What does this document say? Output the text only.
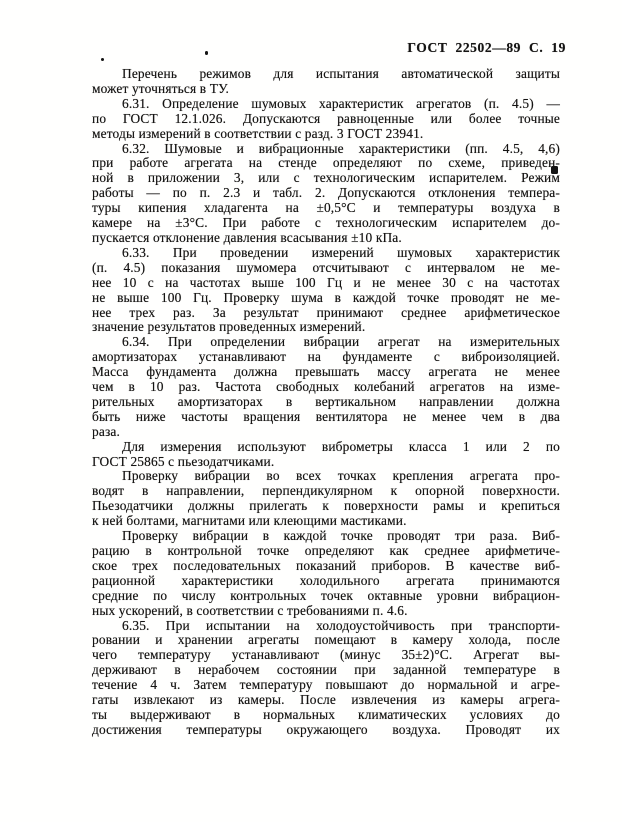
ГОСТ 22502—89 С. 19
Перечень режимов для испытания автоматической защиты
может уточняться в ТУ.
6.31. Определение шумовых характеристик агрегатов (п. 4.5) —
по ГОСТ 12.1.026. Допускаются равноценные или более точные
методы измерений в соответствии с разд. 3 ГОСТ 23941.
6.32. Шумовые и вибрационные характеристики (пп. 4.5, 4,6)
при работе агрегата на стенде определяют по схеме, приведен-
ной в приложении 3, или с технологическим испарителем. Режим
работы — по п. 2.3 и табл. 2. Допускаются отклонения темпера-
туры кипения хладагента на ±0,5°С и температуры воздуха в
камере на ±3°С. При работе с технологическим испарителем до-
пускается отклонение давления всасывания ±10 кПа.
6.33. При проведении измерений шумовых характеристик
(п. 4.5) показания шумомера отсчитывают с интервалом не ме-
нее 10 с на частотах выше 100 Гц и не менее 30 с на частотах
не выше 100 Гц. Проверку шума в каждой точке проводят не ме-
нее трех раз. За результат принимают среднее арифметическое
значение результатов проведенных измерений.
6.34. При определении вибрации агрегат на измерительных
амортизаторах устанавливают на фундаменте с виброизоляцией.
Масса фундамента должна превышать массу агрегата не менее
чем в 10 раз. Частота свободных колебаний агрегатов на изме-
рительных амортизаторах в вертикальном направлении должна
быть ниже частоты вращения вентилятора не менее чем в два
раза.
Для измерения используют виброметры класса 1 или 2 по
ГОСТ 25865 с пьезодатчиками.
Проверку вибрации во всех точках крепления агрегата про-
водят в направлении, перпендикулярном к опорной поверхности.
Пьезодатчики должны прилегать к поверхности рамы и крепиться
к ней болтами, магнитами или клеющими мастиками.
Проверку вибрации в каждой точке проводят три раза. Виб-
рацию в контрольной точке определяют как среднее арифметиче-
ское трех последовательных показаний приборов. В качестве виб-
рационной характеристики холодильного агрегата принимаются
средние по числу контрольных точек октавные уровни вибрацион-
ных ускорений, в соответствии с требованиями п. 4.6.
6.35. При испытании на холодоустойчивость при транспорти-
ровании и хранении агрегаты помещают в камеру холода, после
чего температуру устанавливают (минус 35±2)°С. Агрегат вы-
держивают в нерабочем состоянии при заданной температуре в
течение 4 ч. Затем температуру повышают до нормальной и агре-
гаты извлекают из камеры. После извлечения из камеры агрега-
ты выдерживают в нормальных климатических условиях до
достижения температуры окружающего воздуха. Проводят их
